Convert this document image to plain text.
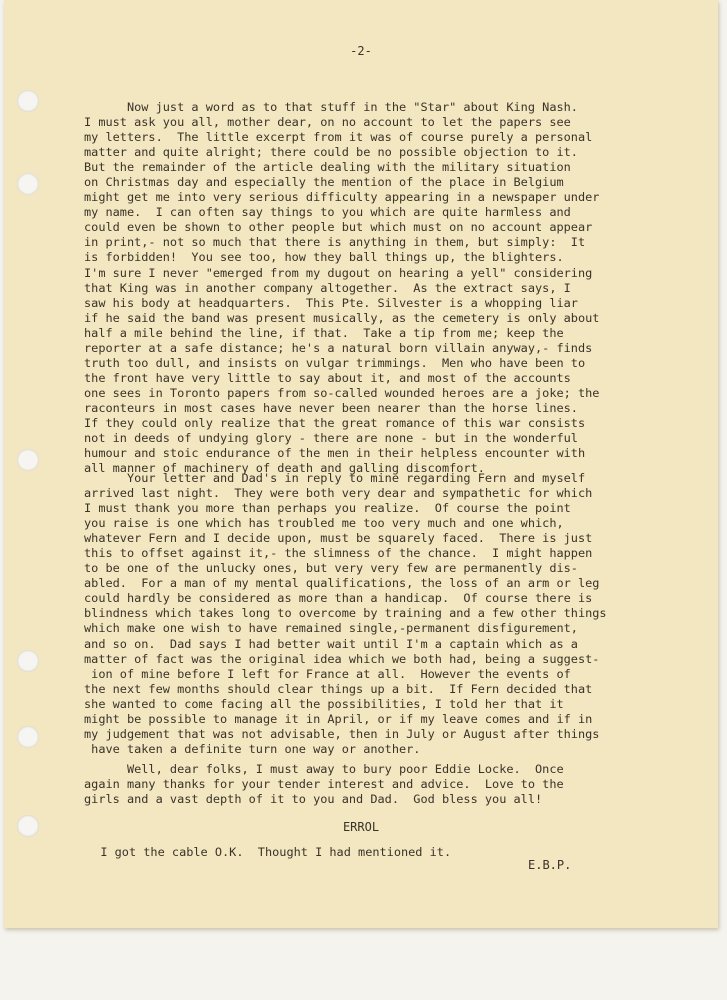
-2-
Now just a word as to that stuff in the "Star" about King Nash.
I must ask you all, mother dear, on no account to let the papers see
my letters.  The little excerpt from it was of course purely a personal
matter and quite alright; there could be no possible objection to it.
But the remainder of the article dealing with the military situation
on Christmas day and especially the mention of the place in Belgium
might get me into very serious difficulty appearing in a newspaper under
my name.  I can often say things to you which are quite harmless and
could even be shown to other people but which must on no account appear
in print,- not so much that there is anything in them, but simply:  It
is forbidden!  You see too, how they ball things up, the blighters.
I'm sure I never "emerged from my dugout on hearing a yell" considering
that King was in another company altogether.  As the extract says, I
saw his body at headquarters.  This Pte. Silvester is a whopping liar
if he said the band was present musically, as the cemetery is only about
half a mile behind the line, if that.  Take a tip from me; keep the
reporter at a safe distance; he's a natural born villain anyway,- finds
truth too dull, and insists on vulgar trimmings.  Men who have been to
the front have very little to say about it, and most of the accounts
one sees in Toronto papers from so-called wounded heroes are a joke; the
raconteurs in most cases have never been nearer than the horse lines.
If they could only realize that the great romance of this war consists
not in deeds of undying glory - there are none - but in the wonderful
humour and stoic endurance of the men in their helpless encounter with
all manner of machinery of death and galling discomfort.
Your letter and Dad's in reply to mine regarding Fern and myself
arrived last night.  They were both very dear and sympathetic for which
I must thank you more than perhaps you realize.  Of course the point
you raise is one which has troubled me too very much and one which,
whatever Fern and I decide upon, must be squarely faced.  There is just
this to offset against it,- the slimness of the chance.  I might happen
to be one of the unlucky ones, but very very few are permanently dis-
abled.  For a man of my mental qualifications, the loss of an arm or leg
could hardly be considered as more than a handicap.  Of course there is
blindness which takes long to overcome by training and a few other things
which make one wish to have remained single,-permanent disfigurement,
and so on.  Dad says I had better wait until I'm a captain which as a
matter of fact was the original idea which we both had, being a suggest-
ion of mine before I left for France at all.  However the events of
the next few months should clear things up a bit.  If Fern decided that
she wanted to come facing all the possibilities, I told her that it
might be possible to manage it in April, or if my leave comes and if in
my judgement that was not advisable, then in July or August after things
have taken a definite turn one way or another.
Well, dear folks, I must away to bury poor Eddie Locke.  Once
again many thanks for your tender interest and advice.  Love to the
girls and a vast depth of it to you and Dad.  God bless you all!
ERROL
I got the cable O.K.  Thought I had mentioned it.
E.B.P.
